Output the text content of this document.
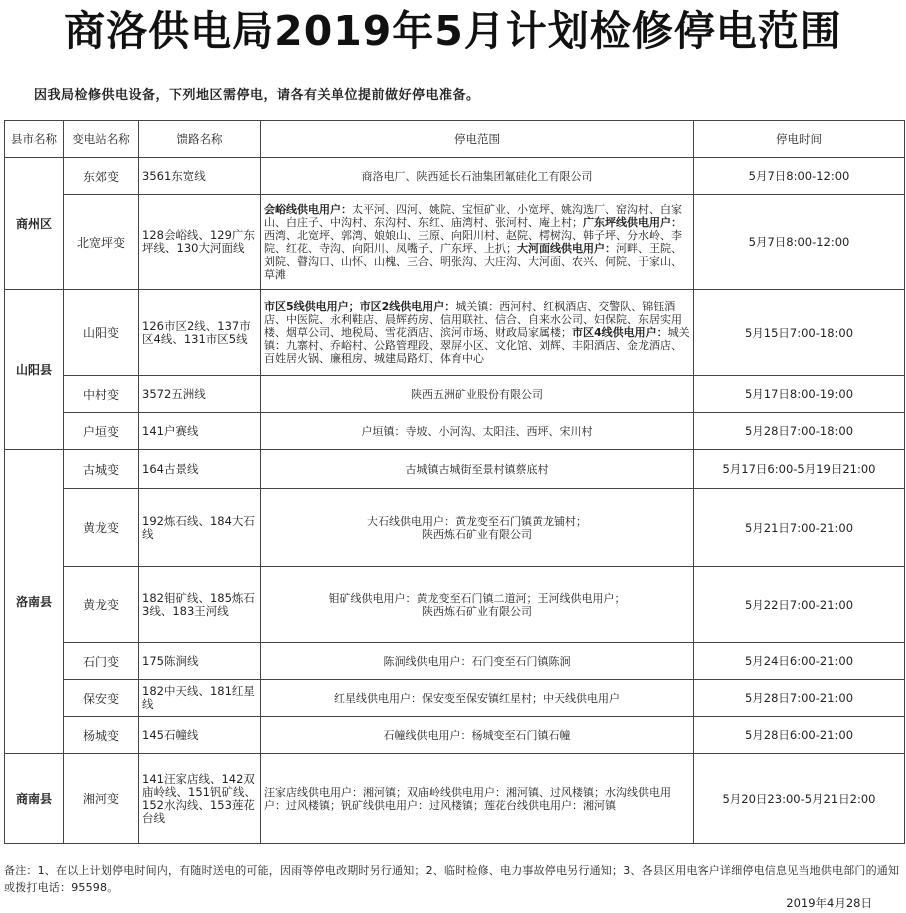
商洛供电局2019年5月计划检修停电范围
因我局检修供电设备，下列地区需停电，请各有关单位提前做好停电准备。
县市名称	变电站名称	馈路名称	停电范围	停电时间
商州区	东郊变	3561东宽线	商洛电厂、陕西延长石油集团氟硅化工有限公司	5月7日8:00-12:00
	北宽坪变	128会峪线、129广东坪线、130大河面线	会峪线供电用户：太平河、四河、姚院、宝恒矿业、小宽坪、姚沟选厂、窑沟村、白家山、白庄子、中沟村、东沟村、东红、庙湾村、张河村、庵上村；广东坪线供电用户：西湾、北宽坪、郭湾、娘娘山、三原、向阳川村、赵院、樗树沟、韩子坪、分水岭、李院、红花、寺沟、向阳川、凤嘴子、广东坪、上扒；大河面线供电用户：河畔、王院、刘院、瞽沟口、山怀、山槐、三合、明张沟、大庄沟、大河面、农兴、何院、于家山、草滩	5月7日8:00-12:00
山阳县	山阳变	126市区2线、137市区4线、131市区5线	市区5线供电用户；市区2线供电用户：城关镇：西河村、红枫酒店、交警队、锦钰酒店、中医院、永利鞋店、晨辉药房、信用联社、信合、自来水公司、妇保院、东居实用楼、烟草公司、地税局、雪花酒店、滨河市场、财政局家属楼；市区4线供电用户：城关镇：九寨村、乔峪村、公路管理段、翠屏小区、文化馆、刘辉、丰阳酒店、金龙酒店、百姓居火锅、廉租房、城建局路灯、体育中心	5月15日7:00-18:00
	中村变	3572五洲线	陕西五洲矿业股份有限公司	5月17日8:00-19:00
	户垣变	141户赛线	户垣镇：寺坡、小河沟、太阳洼、西坪、宋川村	5月28日7:00-18:00
洛南县	古城变	164古景线	古城镇古城街至景村镇蔡底村	5月17日6:00-5月19日21:00
	黄龙变	192炼石线、184大石线	大石线供电用户：黄龙变至石门镇黄龙铺村；
陕西炼石矿业有限公司	5月21日7:00-21:00
	黄龙变	182钼矿线、185炼石3线、183王河线	钼矿线供电用户：黄龙变至石门镇二道河；王河线供电用户；
陕西炼石矿业有限公司	5月22日7:00-21:00
	石门变	175陈涧线	陈涧线供电用户：石门变至石门镇陈涧	5月24日6:00-21:00
	保安变	182中天线、181红星线	红星线供电用户：保安变至保安镇红星村；中天线供电用户	5月28日7:00-21:00
	杨城变	145石幢线	石幢线供电用户：杨城变至石门镇石幢	5月28日6:00-21:00
商南县	湘河变	141汪家店线、142双庙岭线、151钒矿线、152水沟线、153莲花台线	汪家店线供电用户：湘河镇；双庙岭线供电用户：湘河镇、过风楼镇；水沟线供电用户：过风楼镇；钒矿线供电用户：过风楼镇；莲花台线供电用户：湘河镇	5月20日23:00-5月21日2:00
备注：1、在以上计划停电时间内，有随时送电的可能，因雨等停电改期时另行通知；2、临时检修、电力事故停电另行通知；3、各县区用电客户详细停电信息见当地供电部门的通知或拨打电话：95598。
2019年4月28日
